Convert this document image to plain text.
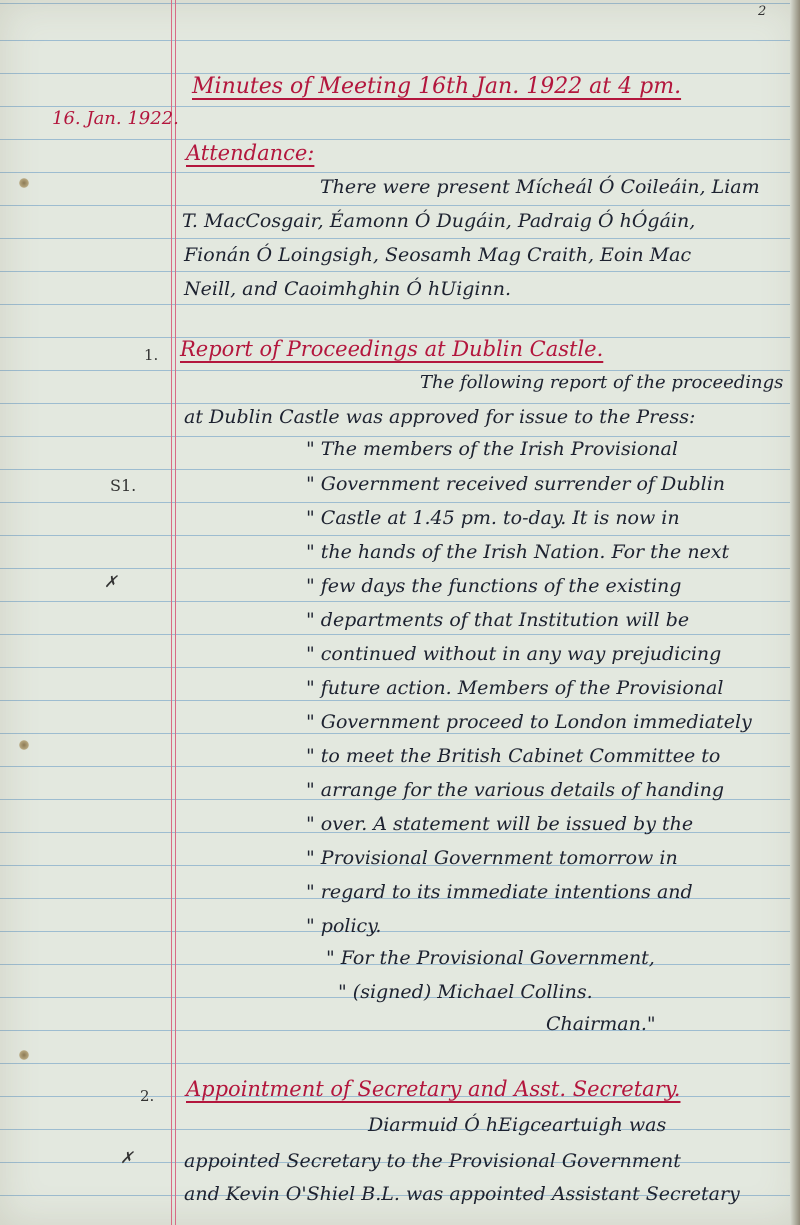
2
Minutes of Meeting 16th Jan. 1922 at 4 pm.
16. Jan. 1922.
Attendance:
There were present Mícheál Ó Coileáin, Liam
T. MacCosgair, Éamonn Ó Dugáin, Padraig Ó hÓgáin,
Fionán Ó Loingsigh, Seosamh Mag Craith, Eoin Mac
Neill, and Caoimhghin Ó hUiginn.
1. Report of Proceedings at Dublin Castle.
S1.
✗
The following report of the proceedings
at Dublin Castle was approved for issue to the Press:
" The members of the Irish Provisional
" Government received surrender of Dublin
" Castle at 1.45 pm. to-day. It is now in
" the hands of the Irish Nation. For the next
" few days the functions of the existing
" departments of that Institution will be
" continued without in any way prejudicing
" future action. Members of the Provisional
" Government proceed to London immediately
" to meet the British Cabinet Committee to
" arrange for the various details of handing
" over. A statement will be issued by the
" Provisional Government tomorrow in
" regard to its immediate intentions and
" policy.
" For the Provisional Government,
" (signed) Michael Collins.
Chairman."
2. Appointment of Secretary and Asst. Secretary.
✗
Diarmuid Ó hEigceartuigh was
appointed Secretary to the Provisional Government
and Kevin O'Shiel B.L. was appointed Assistant Secretary
